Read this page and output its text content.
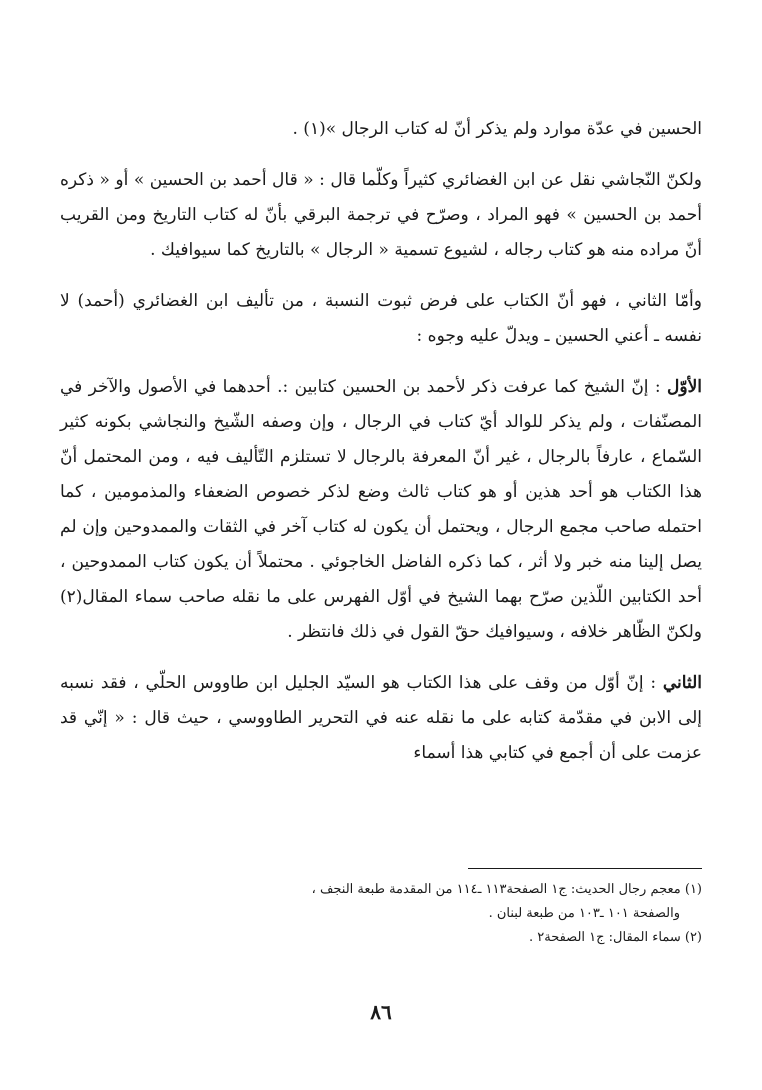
الحسين في عدّة موارد ولم يذكر أنّ له كتاب الرجال »(١) .

ولكنّ النّجاشي نقل عن ابن الغضائري كثيراً وكلّما قال : « قال أحمد بن الحسين » أو « ذكره أحمد بن الحسين » فهو المراد ، وصرّح في ترجمة البرقي بأنّ له كتاب التاريخ ومن القريب أنّ مراده منه هو كتاب رجاله ، لشيوع تسمية « الرجال » بالتاريخ كما سيوافيك .

وأمّا الثاني ، فهو أنّ الكتاب على فرض ثبوت النسبة ، من تأليف ابن الغضائري (أحمد) لا نفسه ـ أعني الحسين ـ ويدلّ عليه وجوه :

الأوّل : إنّ الشيخ كما عرفت ذكر لأحمد بن الحسين كتابين :. أحدهما في الأصول والآخر في المصنّفات ، ولم يذكر للوالد أيّ كتاب في الرجال ، وإن وصفه الشّيخ والنجاشي بكونه كثير السّماع ، عارفاً بالرجال ، غير أنّ المعرفة بالرجال لا تستلزم التّأليف فيه ، ومن المحتمل أنّ هذا الكتاب هو أحد هذين أو هو كتاب ثالث وضع لذكر خصوص الضعفاء والمذمومين ، كما احتمله صاحب مجمع الرجال ، ويحتمل أن يكون له كتاب آخر في الثقات والممدوحين وإن لم يصل إلينا منه خبر ولا أثر ، كما ذكره الفاضل الخاجوئي . محتملاً أن يكون كتاب الممدوحين ، أحد الكتابين اللّذين صرّح بهما الشيخ في أوّل الفهرس على ما نقله صاحب سماء المقال(٢) ولكنّ الظّاهر خلافه ، وسيوافيك حقّ القول في ذلك فانتظر .

الثاني : إنّ أوّل من وقف على هذا الكتاب هو السيّد الجليل ابن طاووس الحلّي ، فقد نسبه إلى الابن في مقدّمة كتابه على ما نقله عنه في التحرير الطاووسي ، حيث قال : « إنّي قد عزمت على أن أجمع في كتابي هذا أسماء

(١) معجم رجال الحديث: ج١ الصفحة١١٣ ـ١١٤ من المقدمة طبعة النجف ،

والصفحة ١٠١ ـ١٠٣ من طبعة لبنان .

(٢) سماء المقال: ج١ الصفحة٢ .

٨٦
